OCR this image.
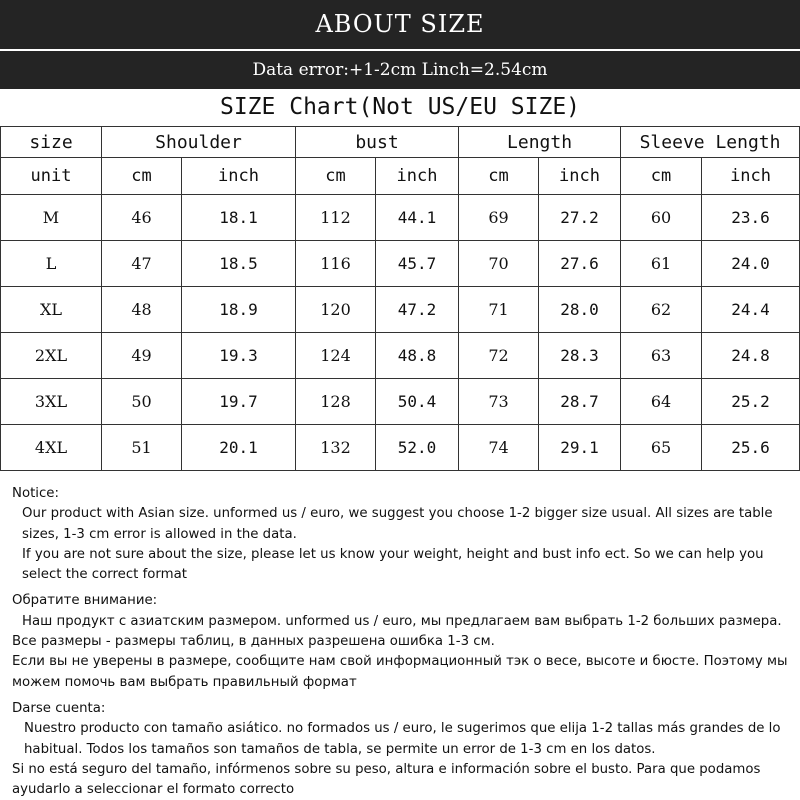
ABOUT SIZE
Data error:+1-2cm Linch=2.54cm
SIZE Chart(Not US/EU SIZE)
size	Shoulder		bust		Length		Sleeve Length	
unit	cm	inch	cm	inch	cm	inch	cm	inch
M	46	18.1	112	44.1	69	27.2	60	23.6
L	47	18.5	116	45.7	70	27.6	61	24.0
XL	48	18.9	120	47.2	71	28.0	62	24.4
2XL	49	19.3	124	48.8	72	28.3	63	24.8
3XL	50	19.7	128	50.4	73	28.7	64	25.2
4XL	51	20.1	132	52.0	74	29.1	65	25.6

Notice:

Our product with Asian size. unformed us / euro, we suggest you choose 1-2 bigger size usual. All sizes are table sizes, 1-3 cm error is allowed in the data.

If you are not sure about the size, please let us know your weight, height and bust info ect. So we can help you select the correct format

Обратите внимание:

Наш продукт с азиатским размером. unformed us / euro, мы предлагаем вам выбрать 1-2 больших размера.

Все размеры - размеры таблиц, в данных разрешена ошибка 1-3 см.

Если вы не уверены в размере, сообщите нам свой информационный тэк о весе, высоте и бюсте. Поэтому мы можем помочь вам выбрать правильный формат

Darse cuenta:

Nuestro producto con tamaño asiático. no formados us / euro, le sugerimos que elija 1-2 tallas más grandes de lo habitual. Todos los tamaños son tamaños de tabla, se permite un error de 1-3 cm en los datos.

Si no está seguro del tamaño, infórmenos sobre su peso, altura e información sobre el busto. Para que podamos ayudarlo a seleccionar el formato correcto
